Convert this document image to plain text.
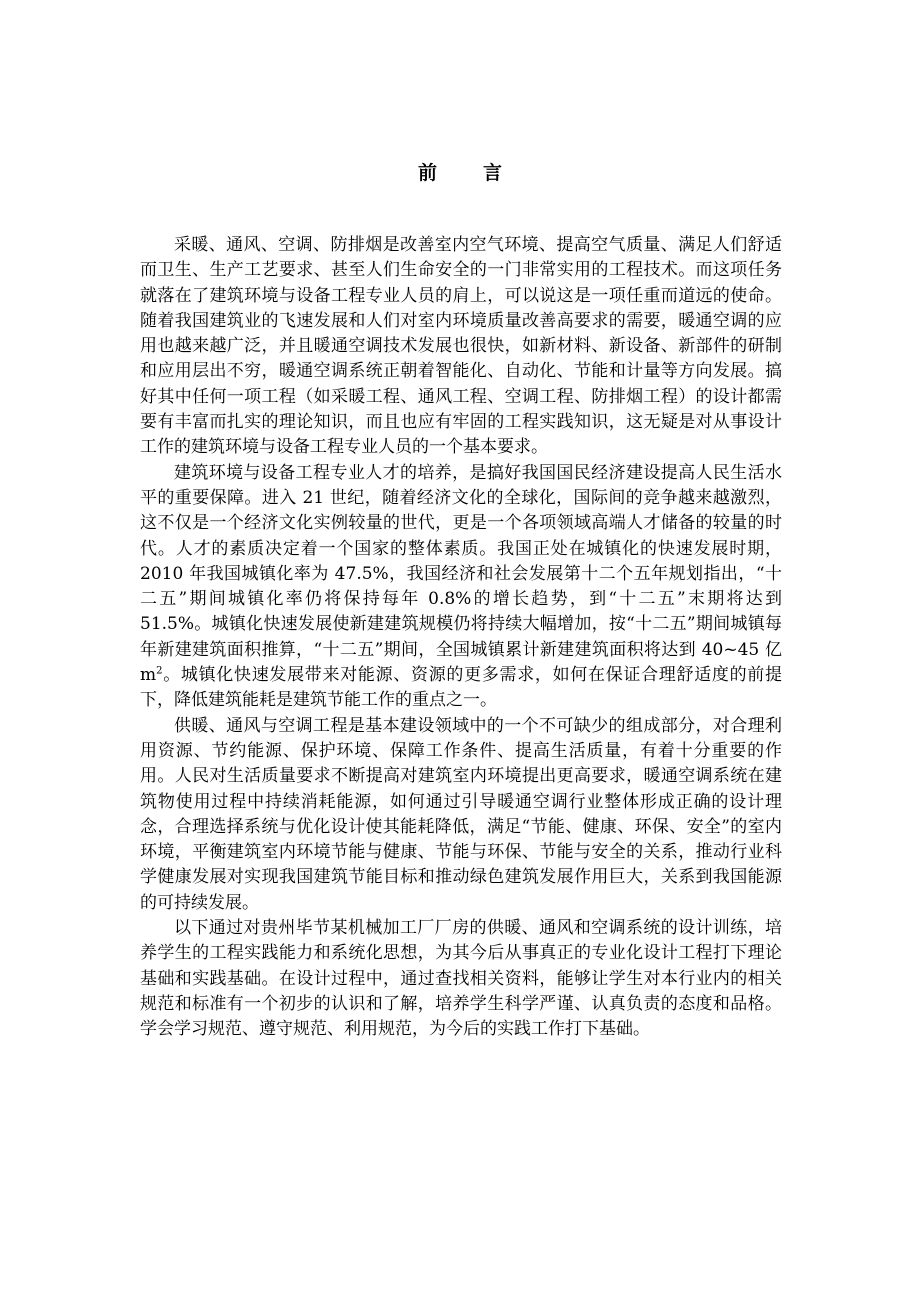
前 言

采暖、通风、空调、防排烟是改善室内空气环境、提高空气质量、满足人们舒适而卫生、生产工艺要求、甚至人们生命安全的一门非常实用的工程技术。而这项任务就落在了建筑环境与设备工程专业人员的肩上，可以说这是一项任重而道远的使命。随着我国建筑业的飞速发展和人们对室内环境质量改善高要求的需要，暖通空调的应用也越来越广泛，并且暖通空调技术发展也很快，如新材料、新设备、新部件的研制和应用层出不穷，暖通空调系统正朝着智能化、自动化、节能和计量等方向发展。搞好其中任何一项工程（如采暖工程、通风工程、空调工程、防排烟工程）的设计都需要有丰富而扎实的理论知识，而且也应有牢固的工程实践知识，这无疑是对从事设计工作的建筑环境与设备工程专业人员的一个基本要求。

建筑环境与设备工程专业人才的培养，是搞好我国国民经济建设提高人民生活水平的重要保障。进入 21 世纪，随着经济文化的全球化，国际间的竞争越来越激烈，这不仅是一个经济文化实例较量的世代，更是一个各项领域高端人才储备的较量的时代。人才的素质决定着一个国家的整体素质。我国正处在城镇化的快速发展时期，2010 年我国城镇化率为 47.5%，我国经济和社会发展第十二个五年规划指出，“十二五”期间城镇化率仍将保持每年 0.8%的增长趋势，到“十二五”末期将达到 51.5%。城镇化快速发展使新建建筑规模仍将持续大幅增加，按“十二五”期间城镇每年新建建筑面积推算，“十二五”期间，全国城镇累计新建建筑面积将达到 40~45 亿 $m^2$。城镇化快速发展带来对能源、资源的更多需求，如何在保证合理舒适度的前提下，降低建筑能耗是建筑节能工作的重点之一。

供暖、通风与空调工程是基本建设领域中的一个不可缺少的组成部分，对合理利用资源、节约能源、保护环境、保障工作条件、提高生活质量，有着十分重要的作用。人民对生活质量要求不断提高对建筑室内环境提出更高要求，暖通空调系统在建筑物使用过程中持续消耗能源，如何通过引导暖通空调行业整体形成正确的设计理念，合理选择系统与优化设计使其能耗降低，满足“节能、健康、环保、安全”的室内环境，平衡建筑室内环境节能与健康、节能与环保、节能与安全的关系，推动行业科学健康发展对实现我国建筑节能目标和推动绿色建筑发展作用巨大，关系到我国能源的可持续发展。

以下通过对贵州毕节某机械加工厂厂房的供暖、通风和空调系统的设计训练，培养学生的工程实践能力和系统化思想，为其今后从事真正的专业化设计工程打下理论基础和实践基础。在设计过程中，通过查找相关资料，能够让学生对本行业内的相关规范和标准有一个初步的认识和了解，培养学生科学严谨、认真负责的态度和品格。学会学习规范、遵守规范、利用规范，为今后的实践工作打下基础。
